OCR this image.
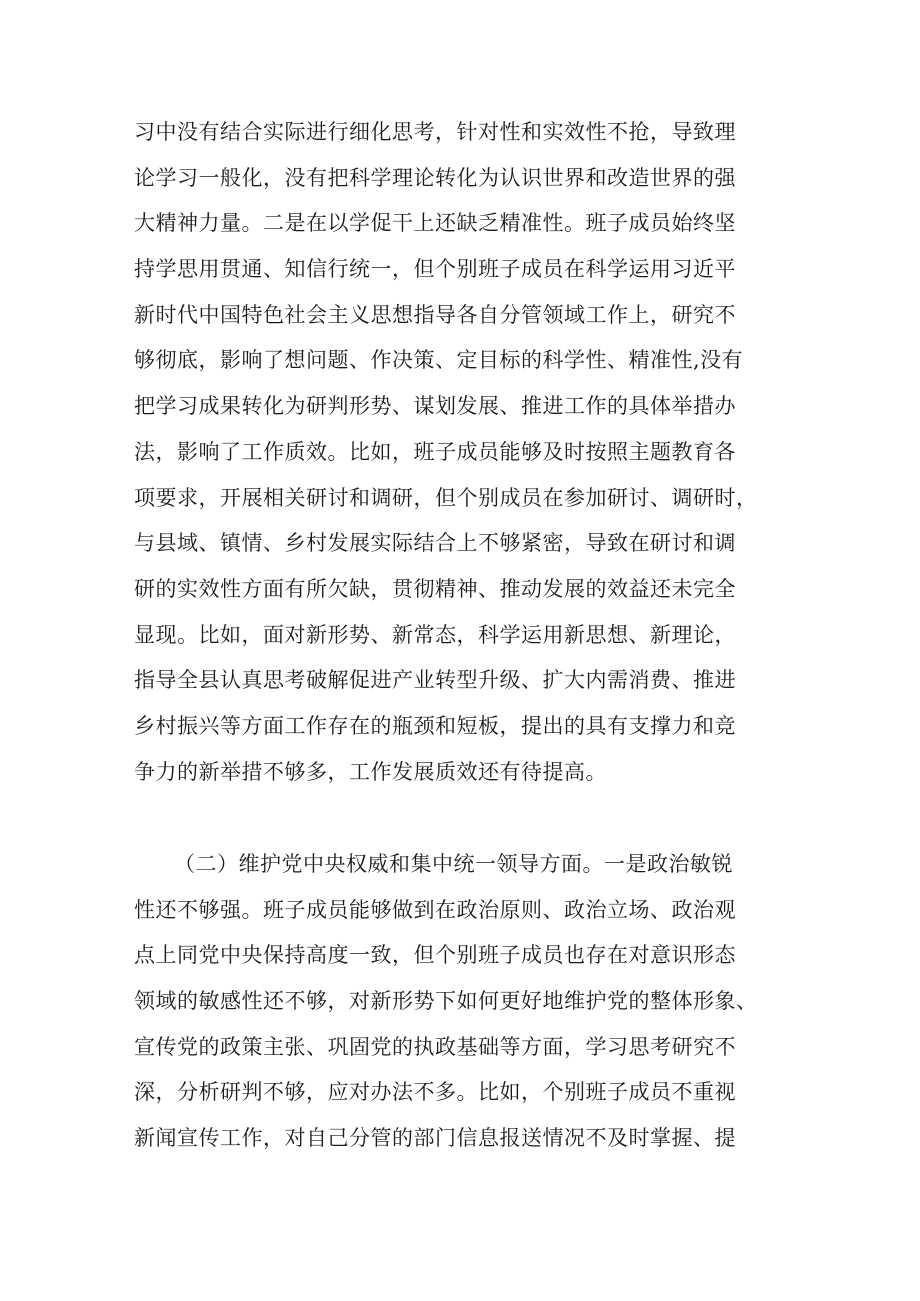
习中没有结合实际进行细化思考，针对性和实效性不抢，导致理
论学习一般化，没有把科学理论转化为认识世界和改造世界的强
大精神力量。二是在以学促干上还缺乏精准性。班子成员始终坚
持学思用贯通、知信行统一，但个别班子成员在科学运用习近平
新时代中国特色社会主义思想指导各自分管领域工作上，研究不
够彻底，影响了想问题、作决策、定目标的科学性、精准性,没有
把学习成果转化为研判形势、谋划发展、推进工作的具体举措办
法，影响了工作质效。比如，班子成员能够及时按照主题教育各
项要求，开展相关研讨和调研，但个别成员在参加研讨、调研时，
与县域、镇情、乡村发展实际结合上不够紧密，导致在研讨和调
研的实效性方面有所欠缺，贯彻精神、推动发展的效益还未完全
显现。比如，面对新形势、新常态，科学运用新思想、新理论，
指导全县认真思考破解促进产业转型升级、扩大内需消费、推进
乡村振兴等方面工作存在的瓶颈和短板，提出的具有支撑力和竞
争力的新举措不够多，工作发展质效还有待提高。
（二）维护党中央权威和集中统一领导方面。一是政治敏锐
性还不够强。班子成员能够做到在政治原则、政治立场、政治观
点上同党中央保持高度一致，但个别班子成员也存在对意识形态
领域的敏感性还不够，对新形势下如何更好地维护党的整体形象、
宣传党的政策主张、巩固党的执政基础等方面，学习思考研究不
深，分析研判不够，应对办法不多。比如，个别班子成员不重视
新闻宣传工作，对自己分管的部门信息报送情况不及时掌握、提
